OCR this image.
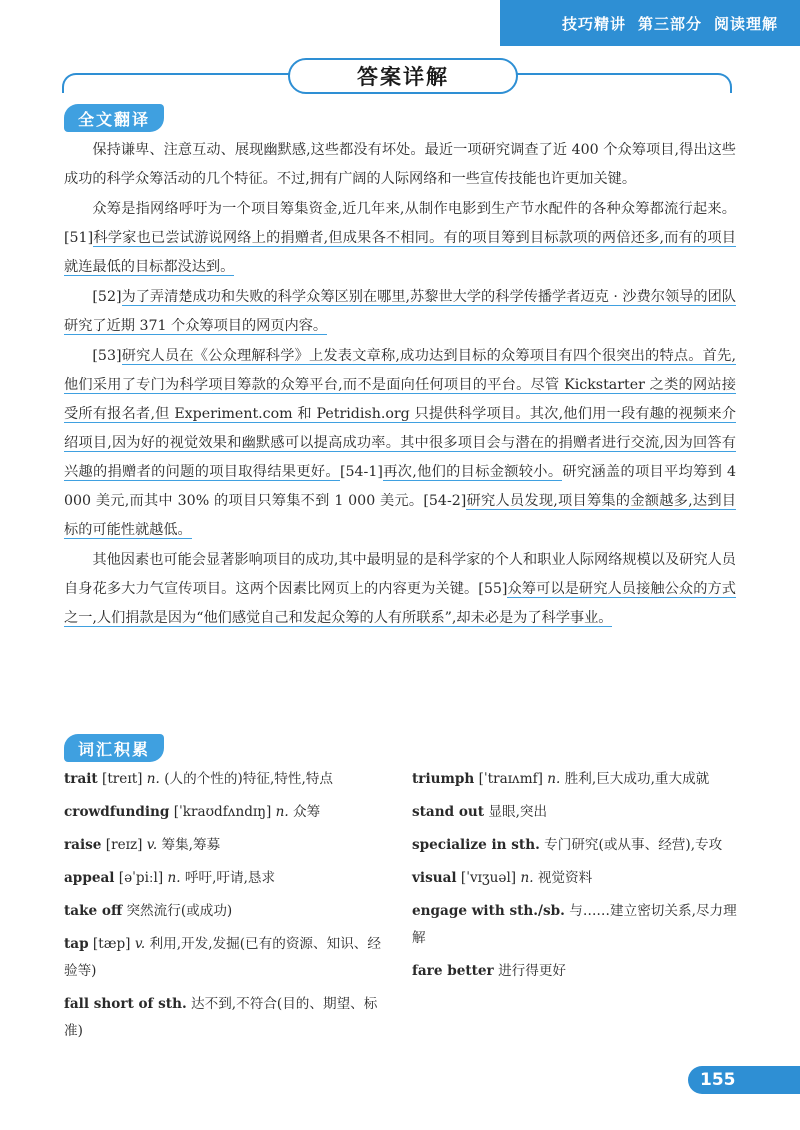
技巧精讲 第三部分 阅读理解
答案详解
全文翻译

保持谦卑、注意互动、展现幽默感,这些都没有坏处。最近一项研究调查了近 400 个众筹项目,得出这些成功的科学众筹活动的几个特征。不过,拥有广阔的人际网络和一些宣传技能也许更加关键。

众筹是指网络呼吁为一个项目筹集资金,近几年来,从制作电影到生产节水配件的各种众筹都流行起来。[51]科学家也已尝试游说网络上的捐赠者,但成果各不相同。有的项目筹到目标款项的两倍还多,而有的项目就连最低的目标都没达到。

[52]为了弄清楚成功和失败的科学众筹区别在哪里,苏黎世大学的科学传播学者迈克 · 沙费尔领导的团队研究了近期 371 个众筹项目的网页内容。

[53]研究人员在《公众理解科学》上发表文章称,成功达到目标的众筹项目有四个很突出的特点。首先,他们采用了专门为科学项目筹款的众筹平台,而不是面向任何项目的平台。尽管 Kickstarter 之类的网站接受所有报名者,但 Experiment.com 和 Petridish.org 只提供科学项目。其次,他们用一段有趣的视频来介绍项目,因为好的视觉效果和幽默感可以提高成功率。其中很多项目会与潜在的捐赠者进行交流,因为回答有兴趣的捐赠者的问题的项目取得结果更好。[54-1]再次,他们的目标金额较小。研究涵盖的项目平均筹到 4 000 美元,而其中 30% 的项目只筹集不到 1 000 美元。[54-2]研究人员发现,项目筹集的金额越多,达到目标的可能性就越低。

其他因素也可能会显著影响项目的成功,其中最明显的是科学家的个人和职业人际网络规模以及研究人员自身花多大力气宣传项目。这两个因素比网页上的内容更为关键。[55]众筹可以是研究人员接触公众的方式之一,人们捐款是因为“他们感觉自己和发起众筹的人有所联系”,却未必是为了科学事业。

词汇积累
trait [treɪt] n. (人的个性的)特征,特性,特点
crowdfunding [ˈkraʊdfʌndɪŋ] n. 众筹
raise [reɪz] v. 筹集,筹募
appeal [əˈpiːl] n. 呼吁,吁请,恳求
take off 突然流行(或成功)
tap [tæp] v. 利用,开发,发掘(已有的资源、知识、经验等)
fall short of sth. 达不到,不符合(目的、期望、标准)
triumph [ˈtraɪʌmf] n. 胜利,巨大成功,重大成就
stand out 显眼,突出
specialize in sth. 专门研究(或从事、经营),专攻
visual [ˈvɪʒuəl] n. 视觉资料
engage with sth./sb. 与……建立密切关系,尽力理解
fare better 进行得更好
155
